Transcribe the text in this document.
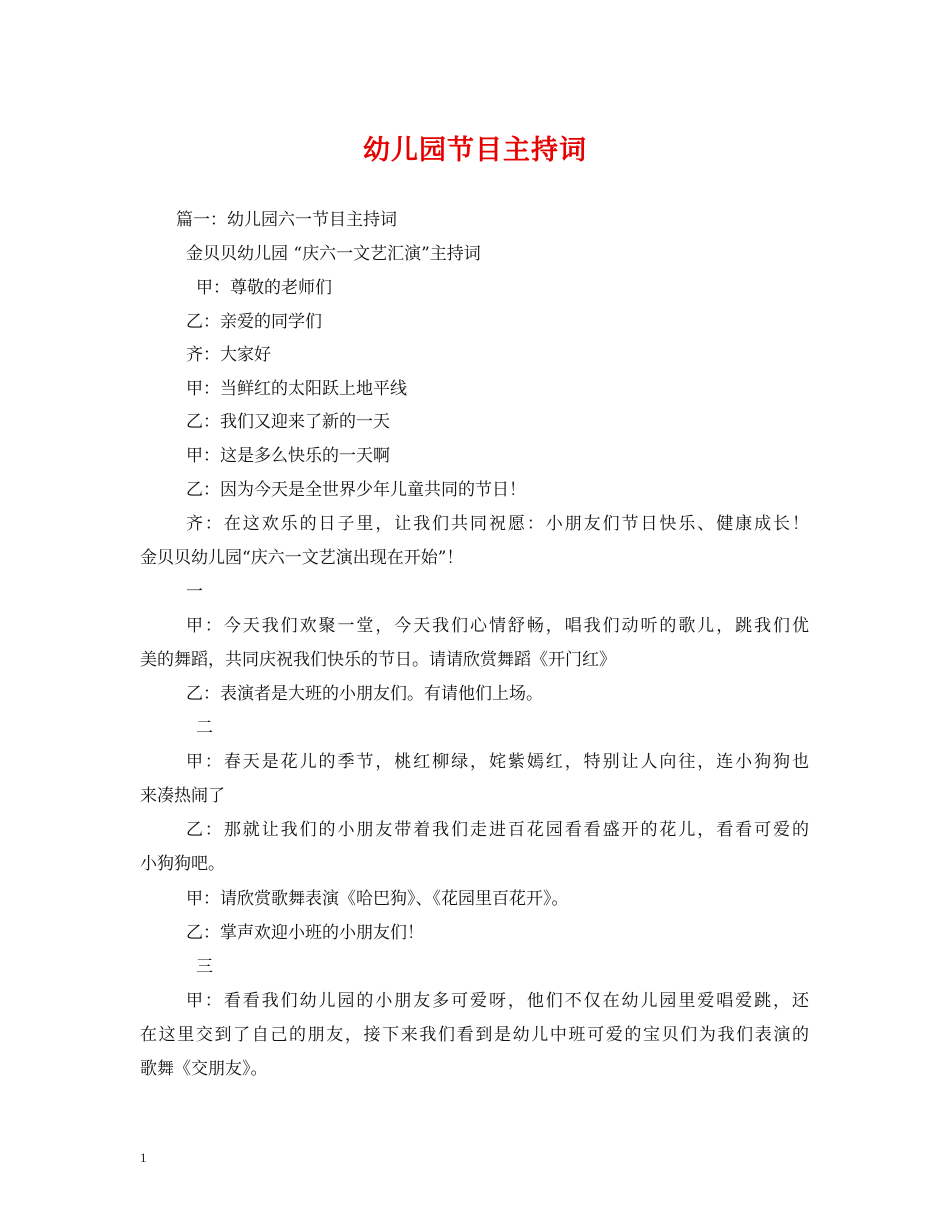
幼儿园节目主持词
篇一：幼儿园六一节目主持词
金贝贝幼儿园 “庆六一文艺汇演”主持词
甲：尊敬的老师们
乙：亲爱的同学们
齐：大家好
甲：当鲜红的太阳跃上地平线
乙：我们又迎来了新的一天
甲：这是多么快乐的一天啊
乙：因为今天是全世界少年儿童共同的节日！
齐：在这欢乐的日子里，让我们共同祝愿：小朋友们节日快乐、健康成长！
金贝贝幼儿园“庆六一文艺演出现在开始”！
一
甲：今天我们欢聚一堂，今天我们心情舒畅，唱我们动听的歌儿，跳我们优
美的舞蹈，共同庆祝我们快乐的节日。请请欣赏舞蹈《开门红》
乙：表演者是大班的小朋友们。有请他们上场。
二
甲：春天是花儿的季节，桃红柳绿，姹紫嫣红，特别让人向往，连小狗狗也
来凑热闹了
乙：那就让我们的小朋友带着我们走进百花园看看盛开的花儿，看看可爱的
小狗狗吧。
甲：请欣赏歌舞表演《哈巴狗》、《花园里百花开》。
乙：掌声欢迎小班的小朋友们！
三
甲：看看我们幼儿园的小朋友多可爱呀，他们不仅在幼儿园里爱唱爱跳，还
在这里交到了自己的朋友，接下来我们看到是幼儿中班可爱的宝贝们为我们表演的
歌舞《交朋友》。
1
